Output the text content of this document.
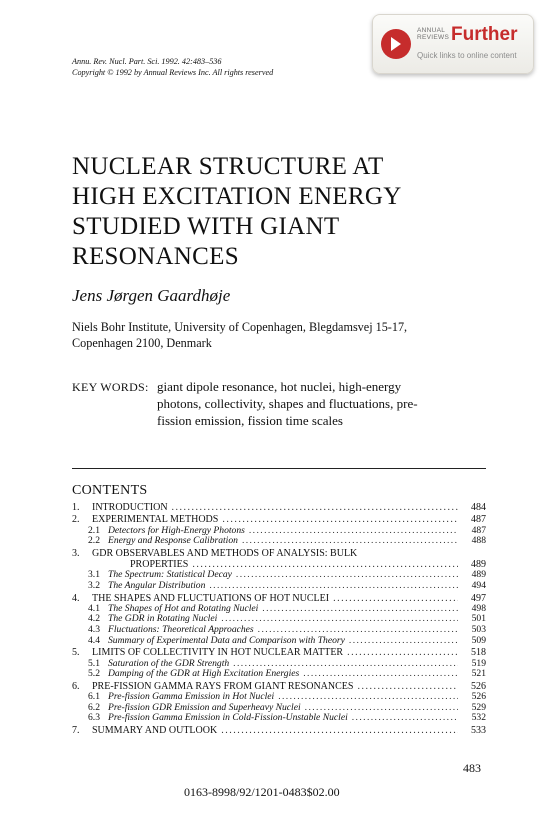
ANNUAL
REVIEWS Further
Quick links to online content
Annu. Rev. Nucl. Part. Sci. 1992. 42:483–536
Copyright © 1992 by Annual Reviews Inc. All rights reserved
NUCLEAR STRUCTURE AT
HIGH EXCITATION ENERGY
STUDIED WITH GIANT
RESONANCES
Jens Jørgen Gaardhøje
Niels Bohr Institute, University of Copenhagen, Blegdamsvej 15-17,
Copenhagen 2100, Denmark
KEY WORDS: giant dipole resonance, hot nuclei, high-energy
photons, collectivity, shapes and fluctuations, pre-
fission emission, fission time scales
CONTENTS
1.	INTRODUCTION . . .	484
2.	EXPERIMENTAL METHODS . . .	487
2.1 Detectors for High-Energy Photons . . .	487
2.2 Energy and Response Calibration . . .	488
3.	GDR OBSERVABLES AND METHODS OF ANALYSIS: BULK
PROPERTIES . . .	489
3.1 The Spectrum: Statistical Decay . . .	489
3.2 The Angular Distribution . . .	494
4.	THE SHAPES AND FLUCTUATIONS OF HOT NUCLEI . . .	497
4.1 The Shapes of Hot and Rotating Nuclei . . .	498
4.2 The GDR in Rotating Nuclei . . .	501
4.3 Fluctuations: Theoretical Approaches . . .	503
4.4 Summary of Experimental Data and Comparison with Theory . . .	509
5.	LIMITS OF COLLECTIVITY IN HOT NUCLEAR MATTER . . .	518
5.1 Saturation of the GDR Strength . . .	519
5.2 Damping of the GDR at High Excitation Energies . . .	521
6.	PRE-FISSION GAMMA RAYS FROM GIANT RESONANCES . . .	526
6.1 Pre-fission Gamma Emission in Hot Nuclei . . .	526
6.2 Pre-fission GDR Emission and Superheavy Nuclei . . .	529
6.3 Pre-fission Gamma Emission in Cold-Fission-Unstable Nuclei . . .	532
7.	SUMMARY AND OUTLOOK . . .	533
483
0163-8998/92/1201-0483$02.00
